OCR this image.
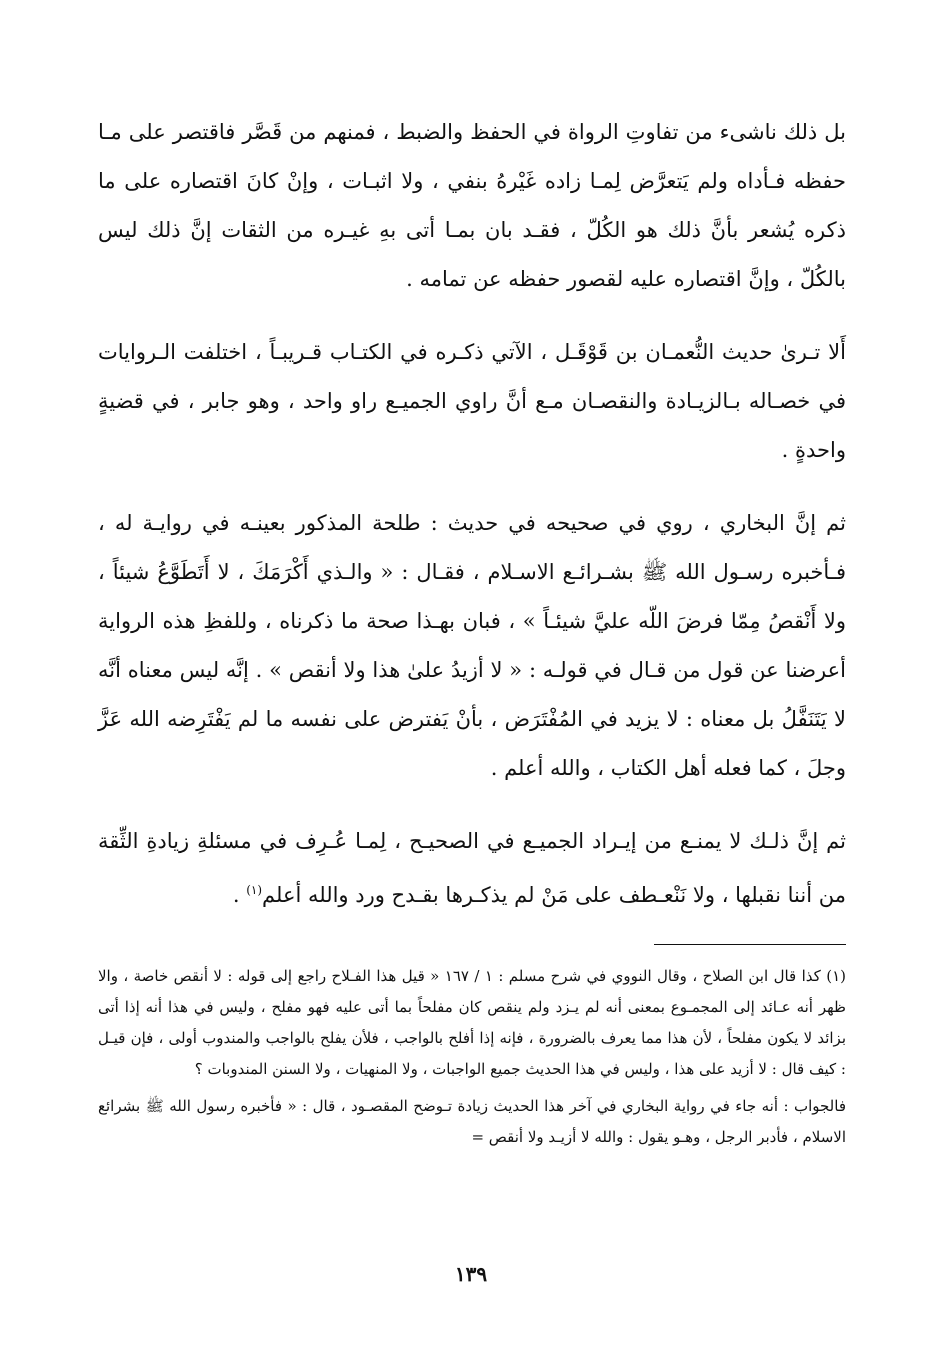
بل ذلك ناشىء من تفاوتِ الرواة في الحفظ والضبط ، فمنهم من قَصَّر فاقتصر على مـا حفظه فـأداه ولم يَتعرَّض لِمـا زاده غَيْرهُ بنفي ، ولا اثبـات ، وإنْ كانَ اقتصاره على ما ذكره يُشعر بأنَّ ذلك هو الكُلّ ، فقـد بان بمـا أتى بهِ غيـره من الثقات إنَّ ذلك ليس بالكُلّ ، وإنَّ اقتصاره عليه لقصور حفظه عن تمامه .

أَلا تـرىٰ حديث النُّعمـان بن قَوْقَـل ، الآتي ذكـره في الكتـاب قـريبـاً ، اختلفت الـروايات في خصـاله بـالزيـادة والنقصـان مـع أنَّ راوي الجميـع راو واحد ، وهو جابر ، في قضيةٍ واحدةٍ .

ثم إنَّ البخاري ، روي في صحيحه في حديث : طلحة المذكور بعينـه في روايـة له ، فـأخبره رسـول الله ﷺ بشـرائـع الاسـلام ، فقـال : « والـذي أَكْرَمَكَ ، لا أَتَطَوَّعُ شيئاً ، ولا أَنْقصُ مِمّا فرضَ اللّه عليَّ شيئـاً » ، فبان بهـذا صحة ما ذكرناه ، وللفظِ هذه الرواية أعرضنا عن قول من قـال في قولـه : « لا أزيدُ علىٰ هذا ولا أنقص » . إنَّه ليس معناه أنَّه لا يَتَنَفَّلُ بل معناه : لا يزيد في المُفْتَرَض ، بأنْ يَفترض على نفسه ما لم يَفْتَرِضه الله عَزَّ وجلَ ، كما فعله أهل الكتاب ، والله أعلم .

ثم إنَّ ذلـك لا يمنـع من إيـراد الجميـع في الصحيـح ، لِمـا عُـرِف في مسئلةِ زيادةِ الثِّقة من أننا نقبلها ، ولا نَنْعـطف على مَنْ لم يذكـرها بقـدح ورد والله أعلم$^{(١)}$ .

(١) كذا قال ابن الصلاح ، وقال النووي في شرح مسلم : ١ / ١٦٧ « قيل هذا الفـلاح راجع إلى قوله : لا أنقص خاصة ، والا ظهر أنه عـائد إلى المجمـوع بمعنى أنه لم يـزد ولم ينقص كان مفلحاً بما أتى عليه فهو مفلح ، وليس في هذا أنه إذا أتى بزائد لا يكون مفلحاً ، لأن هذا مما يعرف بالضرورة ، فإنه إذا أفلح بالواجب ، فلأن يفلح بالواجب والمندوب أولى ، فإن قيـل : كيف قال : لا أزيد على هذا ، وليس في هذا الحديث جميع الواجبات ، ولا المنهيات ، ولا السنن المندوبات ؟

فالجواب : أنه جاء في رواية البخاري في آخر هذا الحديث زيادة تـوضح المقصـود ، قال : « فأخبره رسول الله ﷺ بشرائع الاسلام ، فأدبر الرجل ، وهـو يقول : والله لا أزيـد ولا أنقص =

١٣٩
